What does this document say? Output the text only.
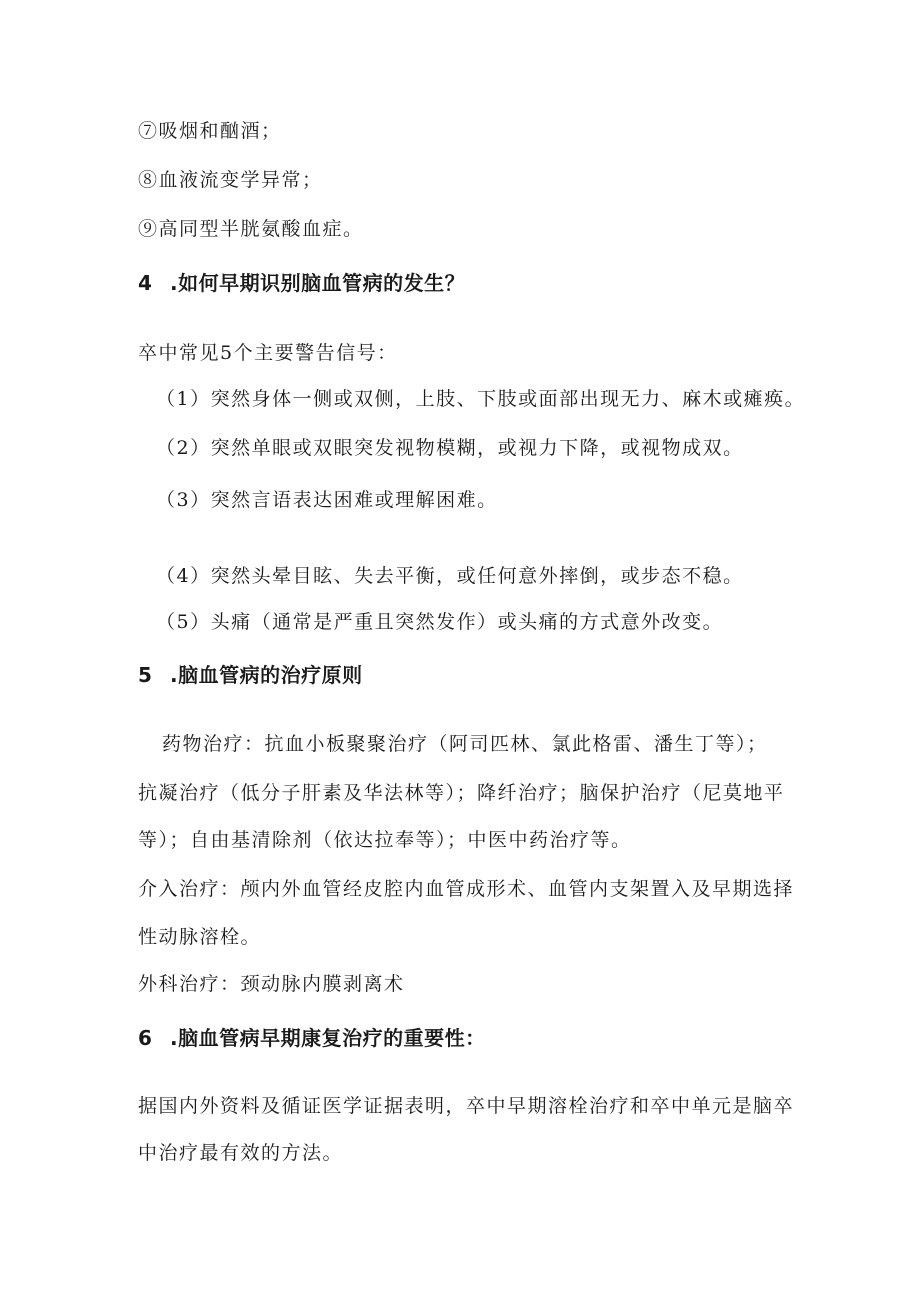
⑦吸烟和酗酒；
⑧血液流变学异常；
⑨高同型半胱氨酸血症。
4 .如何早期识别脑血管病的发生？
卒中常见5个主要警告信号：
（1）突然身体一侧或双侧，上肢、下肢或面部出现无力、麻木或瘫痪。
（2）突然单眼或双眼突发视物模糊，或视力下降，或视物成双。
（3）突然言语表达困难或理解困难。
（4）突然头晕目眩、失去平衡，或任何意外摔倒，或步态不稳。
（5）头痛（通常是严重且突然发作）或头痛的方式意外改变。
5 .脑血管病的治疗原则
药物治疗：抗血小板聚聚治疗（阿司匹林、氯此格雷、潘生丁等）；
抗凝治疗（低分子肝素及华法林等）；降纤治疗；脑保护治疗（尼莫地平
等）；自由基清除剂（依达拉奉等）；中医中药治疗等。
介入治疗：颅内外血管经皮腔内血管成形术、血管内支架置入及早期选择
性动脉溶栓。
外科治疗：颈动脉内膜剥离术
6 .脑血管病早期康复治疗的重要性：
据国内外资料及循证医学证据表明，卒中早期溶栓治疗和卒中单元是脑卒
中治疗最有效的方法。
